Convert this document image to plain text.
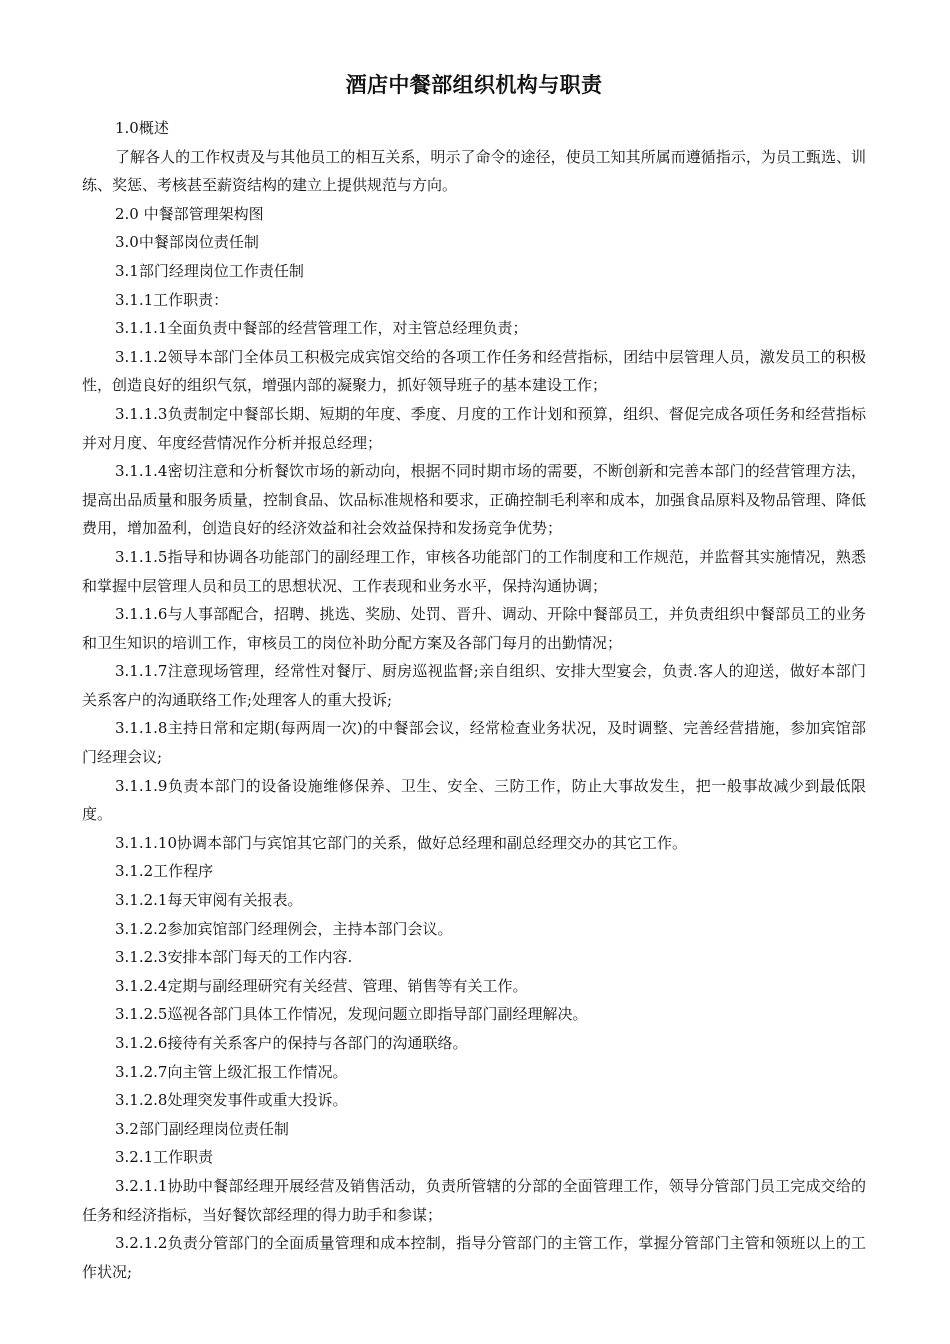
酒店中餐部组织机构与职责

1.0概述

了解各人的工作权责及与其他员工的相互关系，明示了命令的途径，使员工知其所属而遵循指示，为员工甄选、训练、奖惩、考核甚至薪资结构的建立上提供规范与方向。

2.0 中餐部管理架构图

3.0中餐部岗位责任制

3.1部门经理岗位工作责任制

3.1.1工作职责：

3.1.1.1全面负责中餐部的经营管理工作，对主管总经理负责；

3.1.1.2领导本部门全体员工积极完成宾馆交给的各项工作任务和经营指标，团结中层管理人员，激发员工的积极性，创造良好的组织气氛，增强内部的凝聚力，抓好领导班子的基本建设工作；

3.1.1.3负责制定中餐部长期、短期的年度、季度、月度的工作计划和预算，组织、督促完成各项任务和经营指标并对月度、年度经营情况作分析并报总经理；

3.1.1.4密切注意和分析餐饮市场的新动向，根据不同时期市场的需要，不断创新和完善本部门的经营管理方法，提高出品质量和服务质量，控制食品、饮品标准规格和要求，正确控制毛利率和成本，加强食品原料及物品管理、降低费用，增加盈利，创造良好的经济效益和社会效益保持和发扬竞争优势；

3.1.1.5指导和协调各功能部门的副经理工作，审核各功能部门的工作制度和工作规范，并监督其实施情况，熟悉和掌握中层管理人员和员工的思想状况、工作表现和业务水平，保持沟通协调；

3.1.1.6与人事部配合，招聘、挑选、奖励、处罚、晋升、调动、开除中餐部员工，并负责组织中餐部员工的业务和卫生知识的培训工作，审核员工的岗位补助分配方案及各部门每月的出勤情况；

3.1.1.7注意现场管理，经常性对餐厅、厨房巡视监督;亲自组织、安排大型宴会，负责.客人的迎送，做好本部门关系客户的沟通联络工作;处理客人的重大投诉;

3.1.1.8主持日常和定期(每两周一次)的中餐部会议，经常检查业务状况，及时调整、完善经营措施，参加宾馆部门经理会议;

3.1.1.9负责本部门的设备设施维修保养、卫生、安全、三防工作，防止大事故发生，把一般事故减少到最低限度。

3.1.1.10协调本部门与宾馆其它部门的关系，做好总经理和副总经理交办的其它工作。

3.1.2工作程序

3.1.2.1每天审阅有关报表。

3.1.2.2参加宾馆部门经理例会，主持本部门会议。

3.1.2.3安排本部门每天的工作内容.

3.1.2.4定期与副经理研究有关经营、管理、销售等有关工作。

3.1.2.5巡视各部门具体工作情况，发现问题立即指导部门副经理解决。

3.1.2.6接待有关系客户的保持与各部门的沟通联络。

3.1.2.7向主管上级汇报工作情况。

3.1.2.8处理突发事件或重大投诉。

3.2部门副经理岗位责任制

3.2.1工作职责

3.2.1.1协助中餐部经理开展经营及销售活动，负责所管辖的分部的全面管理工作，领导分管部门员工完成交给的任务和经济指标，当好餐饮部经理的得力助手和参谋；

3.2.1.2负责分管部门的全面质量管理和成本控制，指导分管部门的主管工作，掌握分管部门主管和领班以上的工作状况;
